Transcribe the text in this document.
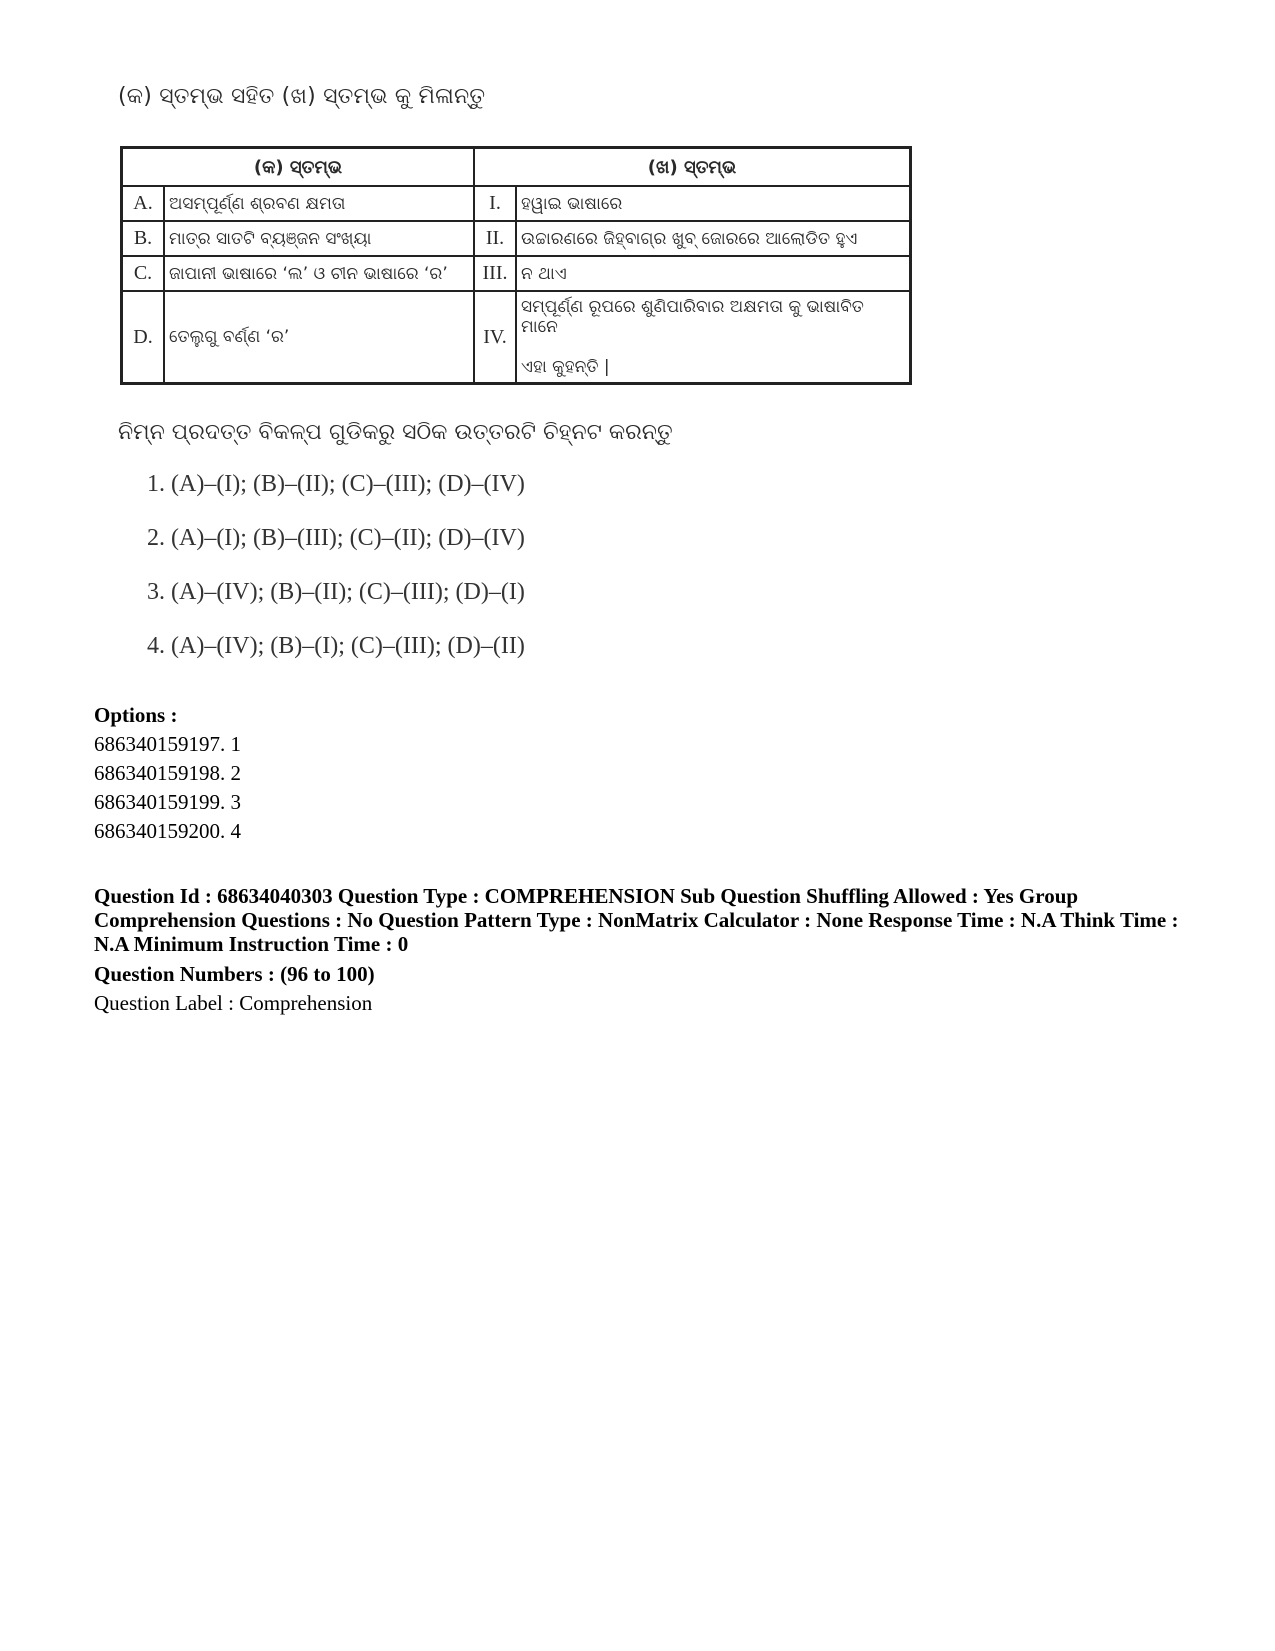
(କ) ସ୍ତମ୍ଭ ସହିତ (ଖ) ସ୍ତମ୍ଭ କୁ ମିଳାନ୍ତୁ
(କ) ସ୍ତମ୍ଭ		(ଖ) ସ୍ତମ୍ଭ	
A.	ଅସମ୍ପୂର୍ଣ୍ଣ ଶ୍ରବଣ କ୍ଷମତା	I.	ହୱାଇ ଭାଷାରେ
B.	ମାତ୍ର ସାତଟି ବ୍ୟଞ୍ଜନ ସଂଖ୍ୟା	II.	ଉଚ୍ଚାରଣରେ ଜିହ୍ବାଗ୍ର ଖୁବ୍ ଜୋରରେ ଆଲୋଡିତ ହୁଏ
C.	ଜାପାନୀ ଭାଷାରେ ‘ଲ’ ଓ ଚୀନ ଭାଷାରେ ‘ର’	III.	ନ ଥାଏ
D.	ତେଲୁଗୁ ବର୍ଣ୍ଣ ‘ର’	IV.	ସମ୍ପୂର୍ଣ୍ଣ ରୂପରେ ଶୁଣିପାରିବାର ଅକ୍ଷମତା କୁ ଭାଷାବିତ ମାନେ
ଏହା କୁହନ୍ତି |
ନିମ୍ନ ପ୍ରଦତ୍ତ ବିକଳ୍ପ ଗୁଡିକରୁ ସଠିକ ଉତ୍ତରଟି ଚିହ୍ନଟ କରନ୍ତୁ
1. (A)–(I); (B)–(II); (C)–(III); (D)–(IV)
2. (A)–(I); (B)–(III); (C)–(II); (D)–(IV)
3. (A)–(IV); (B)–(II); (C)–(III); (D)–(I)
4. (A)–(IV); (B)–(I); (C)–(III); (D)–(II)
Options :
686340159197. 1
686340159198. 2
686340159199. 3
686340159200. 4
Question Id : 68634040303 Question Type : COMPREHENSION Sub Question Shuffling Allowed : Yes Group Comprehension Questions : No Question Pattern Type : NonMatrix Calculator : None Response Time : N.A Think Time : N.A Minimum Instruction Time : 0
Question Numbers : (96 to 100)
Question Label : Comprehension
